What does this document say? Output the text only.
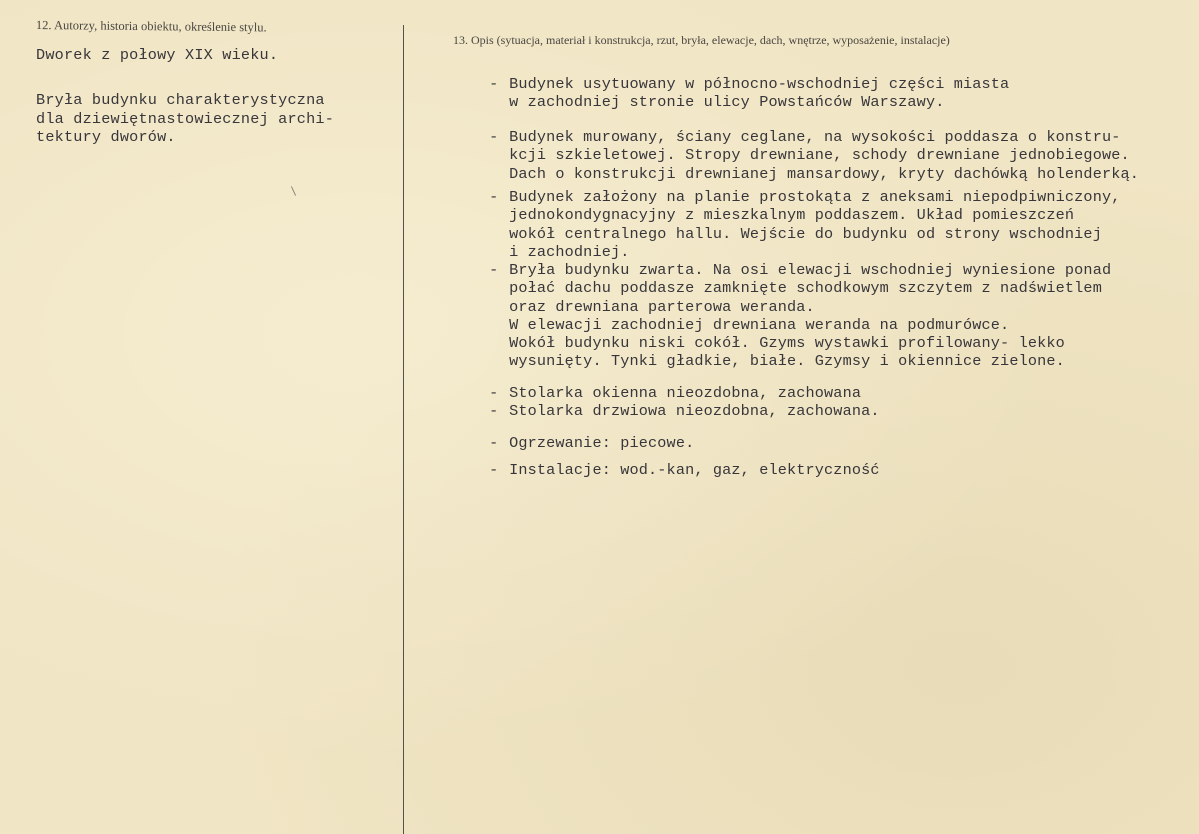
12. Autorzy, historia obiektu, określenie stylu.
Dworek z połowy XIX wieku.
Bryła budynku charakterystyczna
dla dziewiętnastowiecznej archi-
tektury dworów.
13. Opis (sytuacja, materiał i konstrukcja, rzut, bryła, elewacje, dach, wnętrze, wyposażenie, instalacje)

- Budynek usytuowany w północno-wschodniej części miasta
w zachodniej stronie ulicy Powstańców Warszawy.

- Budynek murowany, ściany ceglane, na wysokości poddasza o konstru-
kcji szkieletowej. Stropy drewniane, schody drewniane jednobiegowe.
Dach o konstrukcji drewnianej mansardowy, kryty dachówką holenderką.

- Budynek założony na planie prostokąta z aneksami niepodpiwniczony,
jednokondygnacyjny z mieszkalnym poddaszem. Układ pomieszczeń
wokół centralnego hallu. Wejście do budynku od strony wschodniej
i zachodniej.

- Bryła budynku zwarta. Na osi elewacji wschodniej wyniesione ponad
połać dachu poddasze zamknięte schodkowym szczytem z nadświetlem
oraz drewniana parterowa weranda.
W elewacji zachodniej drewniana weranda na podmurówce.
Wokół budynku niski cokół. Gzyms wystawki profilowany- lekko
wysunięty. Tynki gładkie, białe. Gzymsy i okiennice zielone.

- Stolarka okienna nieozdobna, zachowana

- Stolarka drzwiowa nieozdobna, zachowana.

- Ogrzewanie: piecowe.

- Instalacje: wod.-kan, gaz, elektryczność
